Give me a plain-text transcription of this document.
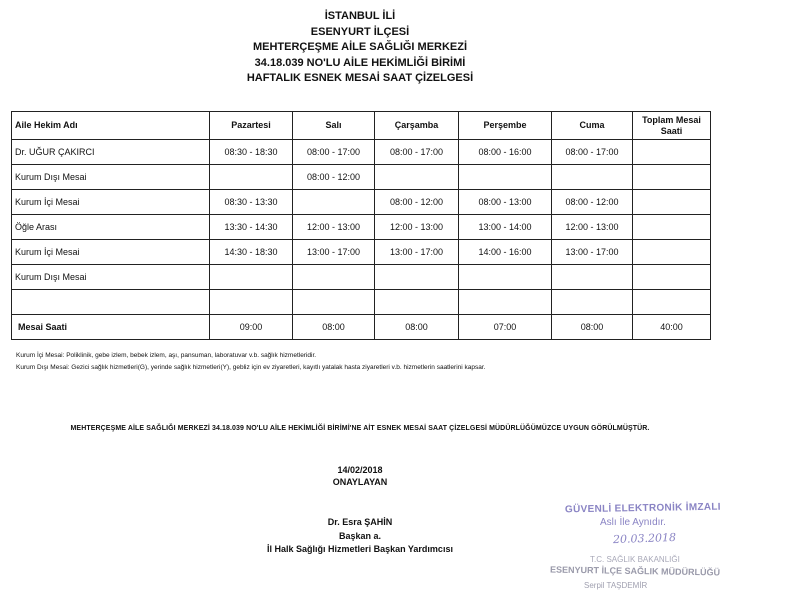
İSTANBUL İLİ
ESENYURT İLÇESİ
MEHTERÇEŞME AİLE SAĞLIĞI MERKEZİ
34.18.039 NO'LU AİLE HEKİMLİĞİ BİRİMİ
HAFTALIK ESNEK MESAİ SAAT ÇİZELGESİ
Aile Hekim Adı	Pazartesi	Salı	Çarşamba	Perşembe	Cuma	Toplam Mesai Saati
Dr. UĞUR ÇAKIRCI	08:30 - 18:30	08:00 - 17:00	08:00 - 17:00	08:00 - 16:00	08:00 - 17:00	
Kurum Dışı Mesai		08:00 - 12:00				
Kurum İçi Mesai	08:30 - 13:30		08:00 - 12:00	08:00 - 13:00	08:00 - 12:00	
Öğle Arası	13:30 - 14:30	12:00 - 13:00	12:00 - 13:00	13:00 - 14:00	12:00 - 13:00	
Kurum İçi Mesai	14:30 - 18:30	13:00 - 17:00	13:00 - 17:00	14:00 - 16:00	13:00 - 17:00	
Kurum Dışı Mesai						

Mesai Saati	09:00	08:00	08:00	07:00	08:00	40:00
Kurum İçi Mesai: Poliklinik, gebe izlem, bebek izlem, aşı, pansuman, laboratuvar v.b. sağlık hizmetleridir.
Kurum Dışı Mesai: Gezici sağlık hizmetleri(G), yerinde sağlık hizmetleri(Y), gebliz için ev ziyaretleri, kayıtlı yatalak hasta ziyaretleri v.b. hizmetlerin saatlerini kapsar.
MEHTERÇEŞME AİLE SAĞLIĞI MERKEZİ 34.18.039 NO'LU AİLE HEKİMLİĞİ BİRİMİ'NE AİT ESNEK MESAİ SAAT ÇİZELGESİ MÜDÜRLÜĞÜMÜZCE UYGUN GÖRÜLMÜŞTÜR.
14/02/2018
ONAYLAYAN
Dr. Esra ŞAHİN
Başkan a.
İl Halk Sağlığı Hizmetleri Başkan Yardımcısı
GÜVENLİ ELEKTRONİK İMZALI
Aslı İle Aynıdır.
20.03.2018
T.C. SAĞLIK BAKANLIĞI
ESENYURT İLÇE SAĞLIK MÜDÜRLÜĞÜ
Serpil TAŞDEMİR
